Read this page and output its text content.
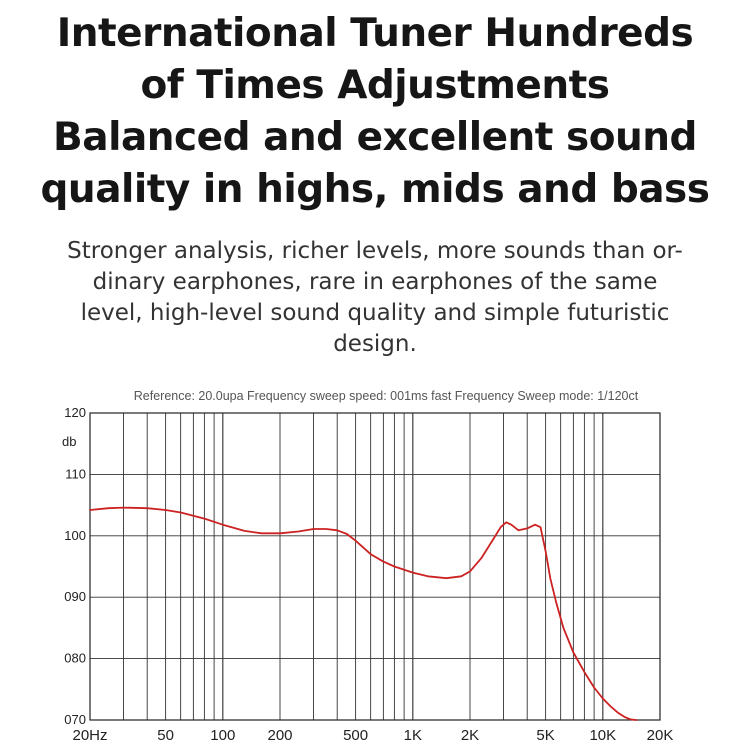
International Tuner Hundreds
of Times Adjustments
Balanced and excellent sound
quality in highs, mids and bass
Stronger analysis, richer levels, more sounds than or-
dinary earphones, rare in earphones of the same
level, high-level sound quality and simple futuristic
design.
Reference: 20.0upa Frequency sweep speed: 001ms fast Frequency Sweep mode: 1/120ct
db
120
110
100
090
080
070
20Hz	50 100 200	500 1K	2K	5K 10K 20K
